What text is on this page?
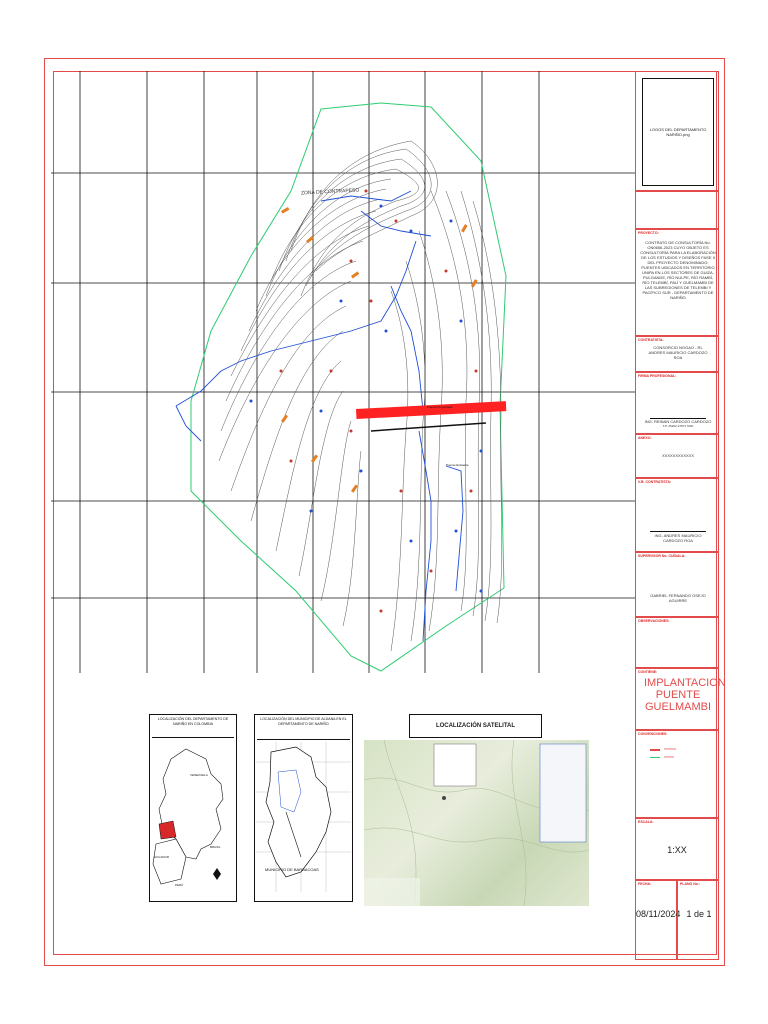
ZONA DE CONTRAPESO
Puente Proyectado
Puente Existente
LOCALIZACIÓN DEL DEPARTAMENTO DE NARIÑO EN COLOMBIA
VENEZUELA
ECUADOR
PERÚ
BRASIL
LOCALIZACIÓN DEL MUNICIPIO DE ALDANA EN EL DEPARTAMENTO DE NARIÑO
MUNICIPIO DE BARBACOAS
LOCALIZACIÓN SATELITAL
LOGOS DEL DEPARTAMENTO NARIÑO.png
PROYECTO:
CONTRATO DE CONSULTORÍA No. ON0656-2023 CUYO OBJETO ES CONSULTORÍA PARA LA ELABORACIÓN DE LOS ESTUDIOS Y DISEÑOS FASE II DEL PROYECTO DENOMINADO: PUENTES UBICADOS EN TERRITORIO UNIPA EN LOS SECTORES DE GUIZA, PULGANDE, RÍO NULPE, RÍO RAMBÍ, RÍO TELEMBÍ, PALÍ Y GUELMAMBI DE LAS SUBREGIONES DE TELEMBI Y PACÍFICO SUR - DEPARTAMENTO DE NARIÑO
CONTRATISTA:
CONSORCIO NOGAO - RL ANDRES MAURICIO CARDOZO ROA
FIRMA PROFESIONAL:
ING. REINAN CARDOZO CARDOZO
T.P. 25202-27871 SND
ANEXO:
XXXXXXXXXXXX
V.B. CONTRATISTA:
ING. ANDRES MAURICIO CARDOZO ROA
SUPERVISOR No. CUÍDALA:
GABRIEL FERNANDO OSEJO AGUIRRE
OBSERVACIONES:
CONTIENE:
IMPLANTACION PUENTE GUELMAMBI
CONVENCIONES:
XXXXXX
XXXXX
ESCALA:
1:XX
FECHA:
08/11/2024
PLANO No.:
1 de 1
